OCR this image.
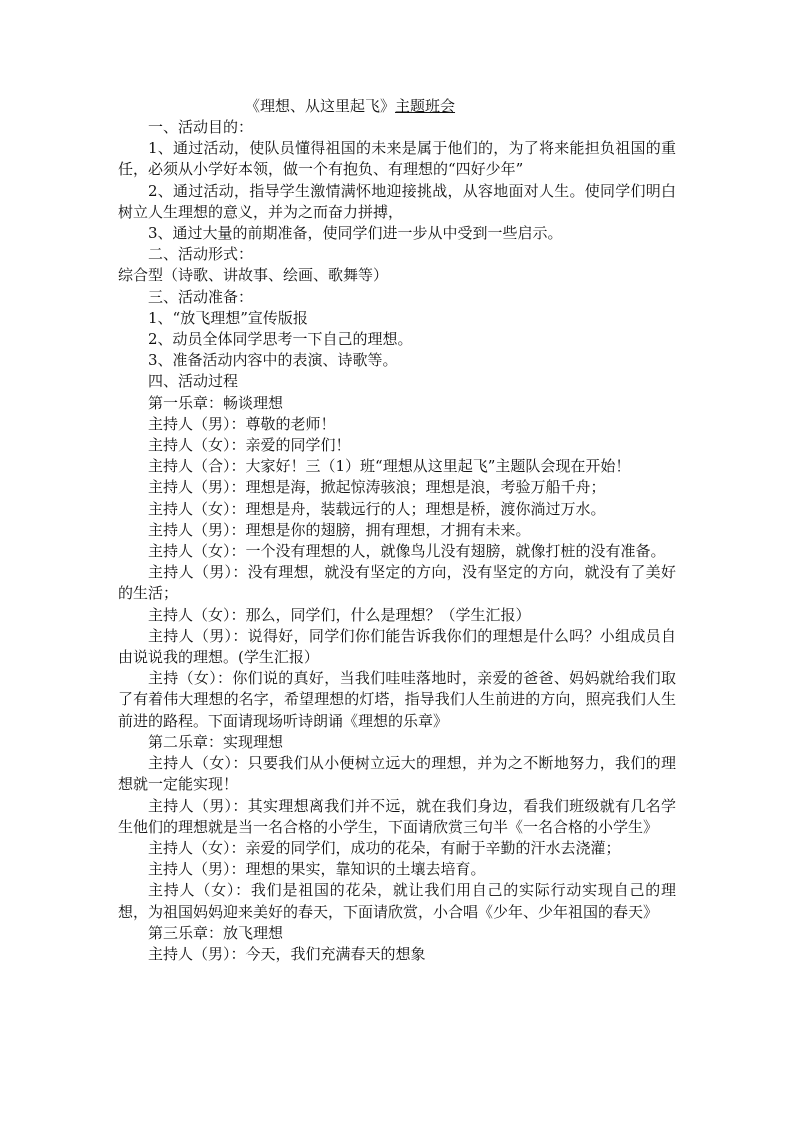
《理想、从这里起飞》主题班会

一、活动目的：

1、通过活动，使队员懂得祖国的未来是属于他们的，为了将来能担负祖国的重任，必须从小学好本领，做一个有抱负、有理想的“四好少年”

2、通过活动，指导学生激情满怀地迎接挑战，从容地面对人生。使同学们明白树立人生理想的意义，并为之而奋力拼搏，

3、通过大量的前期准备，使同学们进一步从中受到一些启示。

二、活动形式：

综合型（诗歌、讲故事、绘画、歌舞等）

三、活动准备：

1、“放飞理想”宣传版报

2、动员全体同学思考一下自己的理想。

3、准备活动内容中的表演、诗歌等。

四、活动过程

第一乐章：畅谈理想

主持人（男）：尊敬的老师！

主持人（女）：亲爱的同学们！

主持人（合）：大家好！三（1）班“理想从这里起飞”主题队会现在开始！

主持人（男）：理想是海，掀起惊涛骇浪；理想是浪，考验万船千舟；

主持人（女）：理想是舟，装载远行的人；理想是桥，渡你淌过万水。

主持人（男）：理想是你的翅膀，拥有理想，才拥有未来。

主持人（女）：一个没有理想的人，就像鸟儿没有翅膀，就像打桩的没有准备。

主持人（男）：没有理想，就没有坚定的方向，没有坚定的方向，就没有了美好的生活；

主持人（女）：那么，同学们，什么是理想？（学生汇报）

主持人（男）：说得好，同学们你们能告诉我你们的理想是什么吗？小组成员自由说说我的理想。(学生汇报）

主持（女）：你们说的真好，当我们哇哇落地时，亲爱的爸爸、妈妈就给我们取了有着伟大理想的名字，希望理想的灯塔，指导我们人生前进的方向，照亮我们人生前进的路程。下面请现场听诗朗诵《理想的乐章》

第二乐章：实现理想

主持人（女）：只要我们从小便树立远大的理想，并为之不断地努力，我们的理想就一定能实现！

主持人（男）：其实理想离我们并不远，就在我们身边，看我们班级就有几名学生他们的理想就是当一名合格的小学生，下面请欣赏三句半《一名合格的小学生》

主持人（女）：亲爱的同学们，成功的花朵，有耐于辛勤的汗水去浇灌；

主持人（男）：理想的果实，靠知识的土壤去培育。

主持人（女）：我们是祖国的花朵，就让我们用自己的实际行动实现自己的理想，为祖国妈妈迎来美好的春天，下面请欣赏，小合唱《少年、少年祖国的春天》

第三乐章：放飞理想

主持人（男）：今天，我们充满春天的想象
